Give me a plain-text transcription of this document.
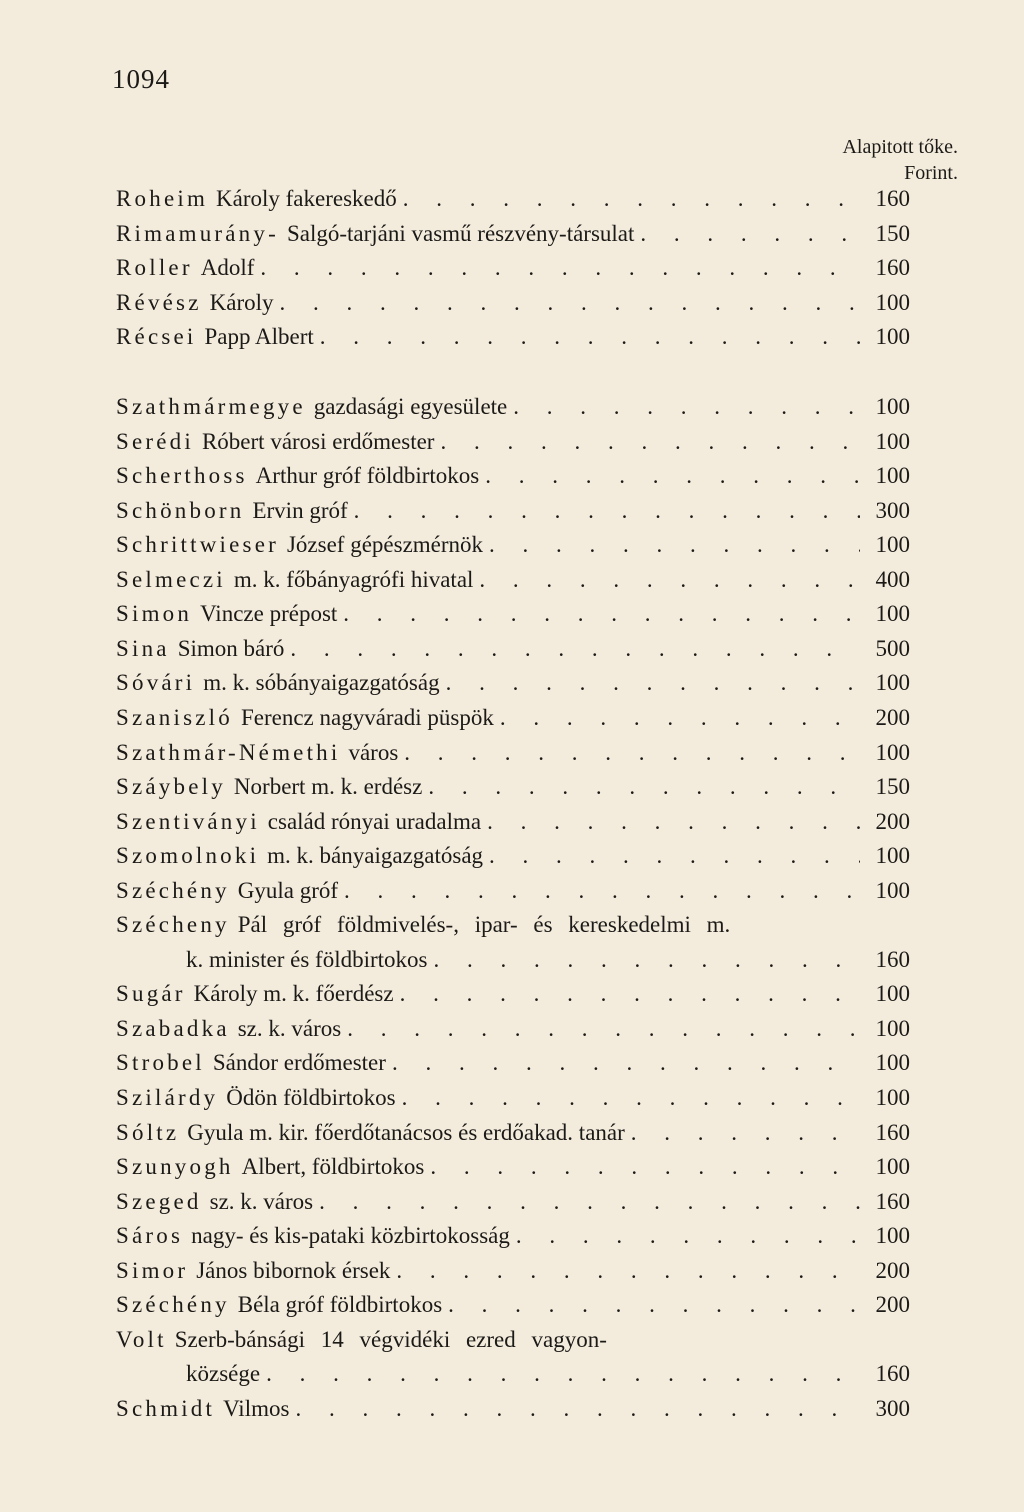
1094
Alapitott tőke.
Forint.
Roheim Károly fakereskedő . . .	160
Rimamurány- Salgó-tarjáni vasmű részvény-társulat . . .	150
Roller Adolf . . .	160
Révész Károly . . .	100
Récsei Papp Albert . . .	100
Szathmármegye gazdasági egyesülete . . .	100
Serédi Róbert városi erdőmester . . .	100
Scherthoss Arthur gróf földbirtokos . . .	100
Schönborn Ervin gróf . . .	300
Schrittwieser József gépészmérnök . . .	100
Selmeczi m. k. főbányagrófi hivatal . . .	400
Simon Vincze prépost . . .	100
Sina Simon báró . . .	500
Sóvári m. k. sóbányaigazgatóság . . .	100
Szaniszló Ferencz nagyváradi püspök . . .	200
Szathmár-Némethi város . . .	100
Száybely Norbert m. k. erdész . . .	150
Szentiványi család rónyai uradalma . . .	200
Szomolnoki m. k. bányaigazgatóság . . .	100
Széchény Gyula gróf . . .	100
Szécheny Pál gróf földmivelés-, ipar- és kereskedelmi m.
k. minister és földbirtokos . . .	160
Sugár Károly m. k. főerdész . . .	100
Szabadka sz. k. város . . .	100
Strobel Sándor erdőmester . . .	100
Szilárdy Ödön földbirtokos . . .	100
Sóltz Gyula m. kir. főerdőtanácsos és erdőakad. tanár . . .	160
Szunyogh Albert, földbirtokos . . .	100
Szeged sz. k. város . . .	160
Sáros nagy- és kis-pataki közbirtokosság . . .	100
Simor János bibornok érsek . . .	200
Széchény Béla gróf földbirtokos . . .	200
Volt Szerb-bánsági 14 végvidéki ezred vagyon-
községe . . .	160
Schmidt Vilmos . . .	300
